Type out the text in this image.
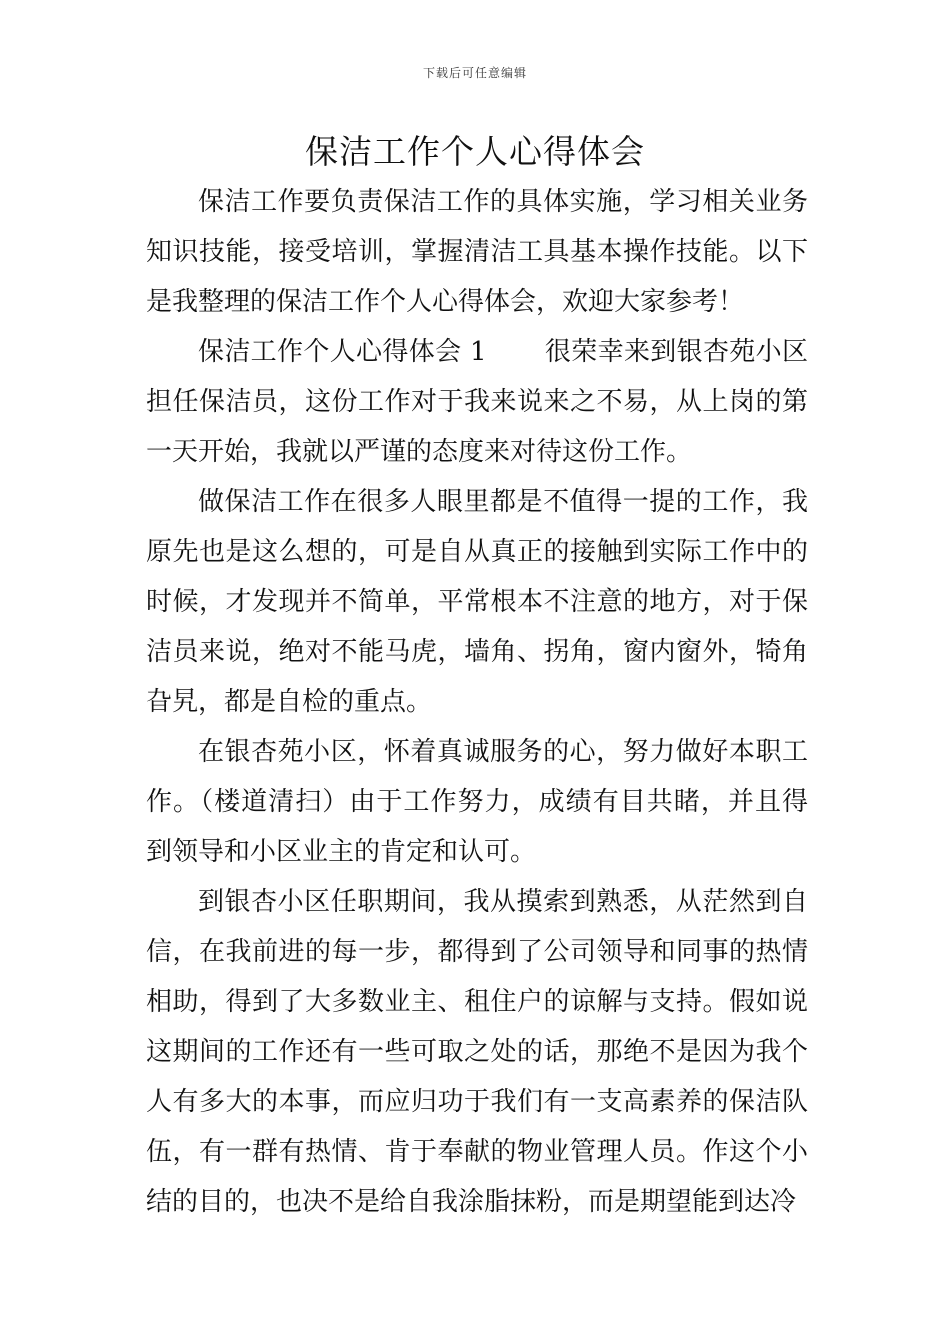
下载后可任意编辑
保洁工作个人心得体会

保洁工作要负责保洁工作的具体实施，学习相关业务知识技能，接受培训，掌握清洁工具基本操作技能。以下是我整理的保洁工作个人心得体会，欢迎大家参考！

保洁工作个人心得体会 1 很荣幸来到银杏苑小区担任保洁员，这份工作对于我来说来之不易，从上岗的第一天开始，我就以严谨的态度来对待这份工作。

做保洁工作在很多人眼里都是不值得一提的工作，我原先也是这么想的，可是自从真正的接触到实际工作中的时候，才发现并不简单，平常根本不注意的地方，对于保洁员来说，绝对不能马虎，墙角、拐角，窗内窗外，犄角旮旯，都是自检的重点。

在银杏苑小区，怀着真诚服务的心，努力做好本职工作。（楼道清扫）由于工作努力，成绩有目共睹，并且得到领导和小区业主的肯定和认可。

到银杏小区任职期间，我从摸索到熟悉，从茫然到自信，在我前进的每一步，都得到了公司领导和同事的热情相助，得到了大多数业主、租住户的谅解与支持。假如说这期间的工作还有一些可取之处的话，那绝不是因为我个人有多大的本事，而应归功于我们有一支高素养的保洁队伍，有一群有热情、肯于奉献的物业管理人员。作这个小结的目的，也决不是给自我涂脂抹粉，而是期望能到达冷
